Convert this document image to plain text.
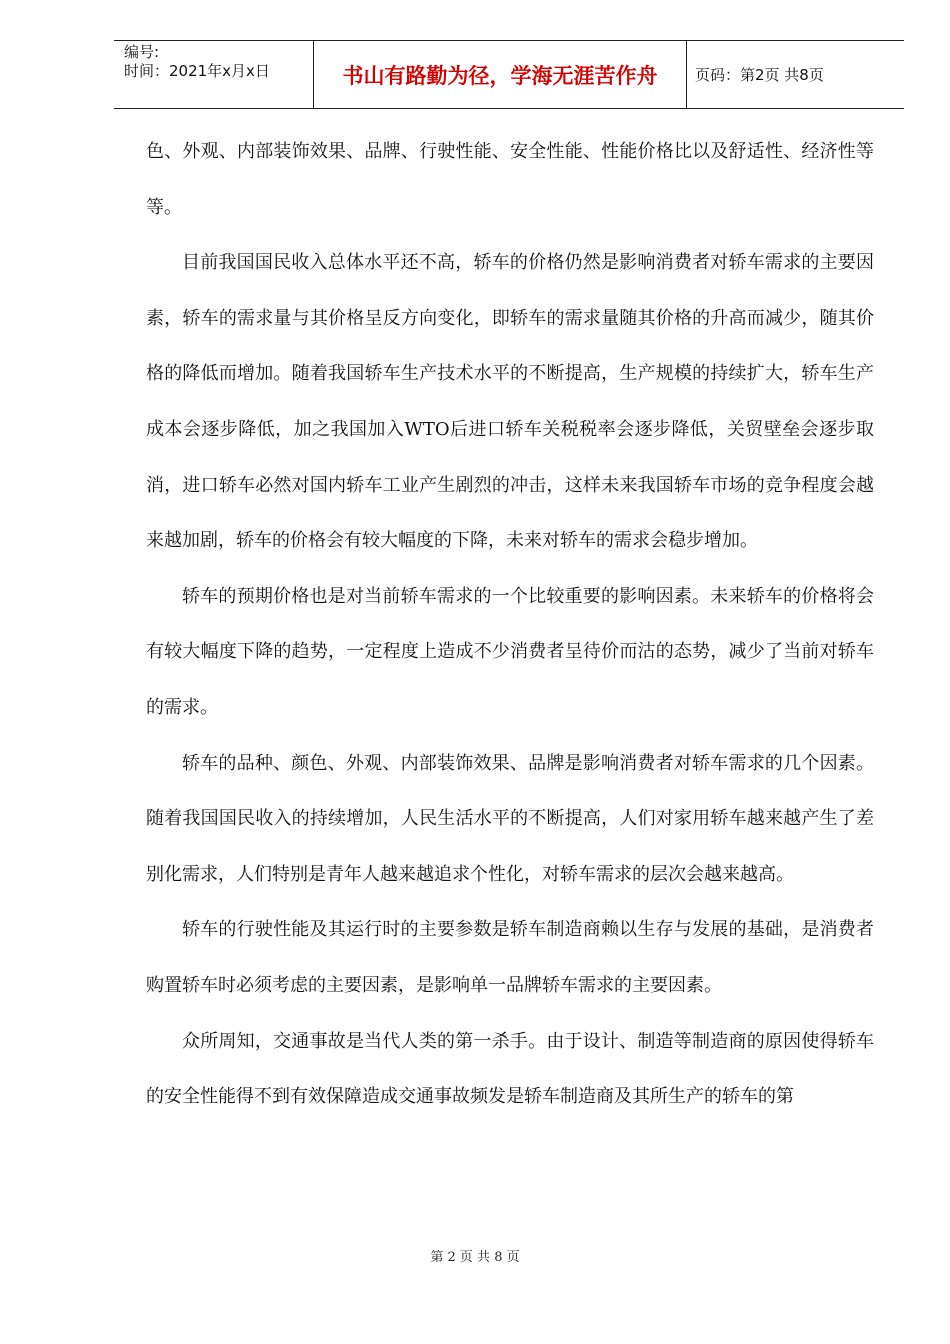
编号:
时间：2021年x月x日	书山有路勤为径，学海无涯苦作舟	页码：第2页 共8页

色、外观、内部装饰效果、品牌、行驶性能、安全性能、性能价格比以及舒适性、经济性等等。

目前我国国民收入总体水平还不高，轿车的价格仍然是影响消费者对轿车需求的主要因素，轿车的需求量与其价格呈反方向变化，即轿车的需求量随其价格的升高而减少，随其价格的降低而增加。随着我国轿车生产技术水平的不断提高，生产规模的持续扩大，轿车生产成本会逐步降低，加之我国加入WTO后进口轿车关税税率会逐步降低，关贸壁垒会逐步取消，进口轿车必然对国内轿车工业产生剧烈的冲击，这样未来我国轿车市场的竞争程度会越来越加剧，轿车的价格会有较大幅度的下降，未来对轿车的需求会稳步增加。

轿车的预期价格也是对当前轿车需求的一个比较重要的影响因素。未来轿车的价格将会有较大幅度下降的趋势，一定程度上造成不少消费者呈待价而沽的态势，减少了当前对轿车的需求。

轿车的品种、颜色、外观、内部装饰效果、品牌是影响消费者对轿车需求的几个因素。随着我国国民收入的持续增加，人民生活水平的不断提高，人们对家用轿车越来越产生了差别化需求，人们特别是青年人越来越追求个性化，对轿车需求的层次会越来越高。

轿车的行驶性能及其运行时的主要参数是轿车制造商赖以生存与发展的基础，是消费者购置轿车时必须考虑的主要因素，是影响单一品牌轿车需求的主要因素。

众所周知，交通事故是当代人类的第一杀手。由于设计、制造等制造商的原因使得轿车的安全性能得不到有效保障造成交通事故频发是轿车制造商及其所生产的轿车的第

第 2 页 共 8 页
